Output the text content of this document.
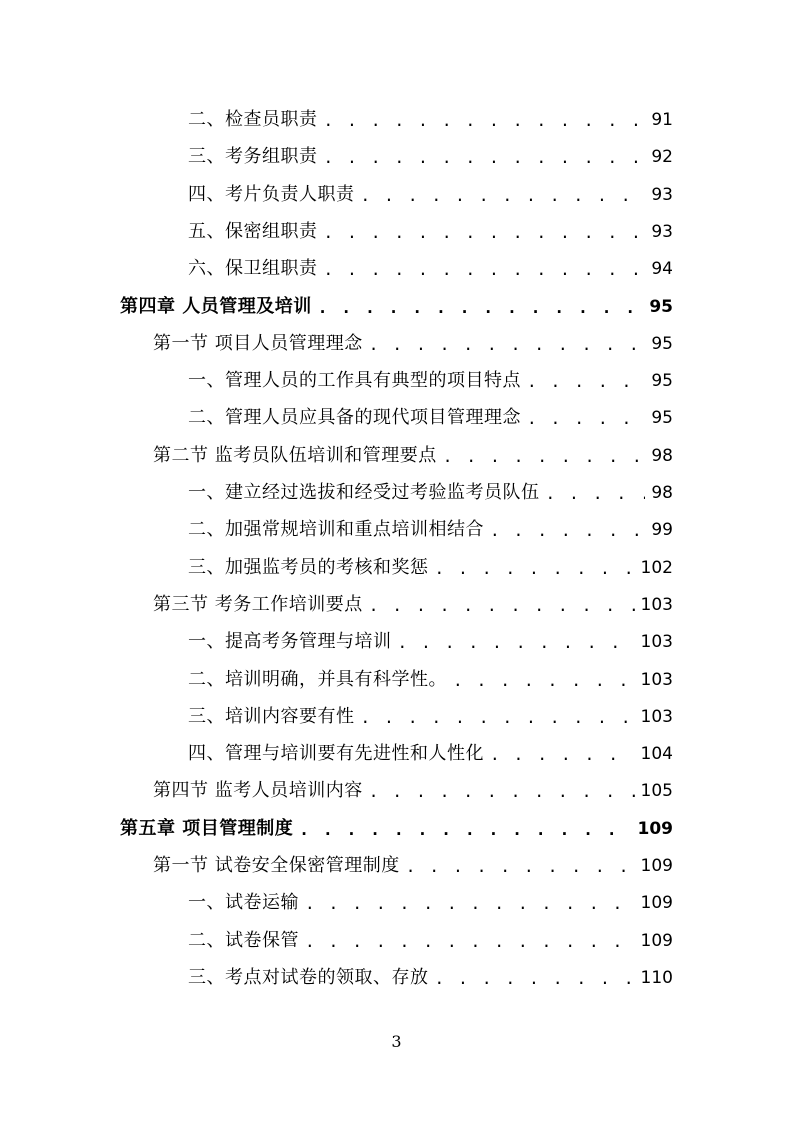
二、检查员职责 . . .	91
三、考务组职责 . . .	92
四、考片负责人职责 . . .	93
五、保密组职责 . . .	93
六、保卫组职责 . . .	94
第四章 人员管理及培训 . . .	95
第一节 项目人员管理理念 . . .	95
一、管理人员的工作具有典型的项目特点 . . .	95
二、管理人员应具备的现代项目管理理念 . . .	95
第二节 监考员队伍培训和管理要点 . . .	98
一、建立经过选拔和经受过考验监考员队伍 . . .	98
二、加强常规培训和重点培训相结合 . . .	99
三、加强监考员的考核和奖惩 . . .	102
第三节 考务工作培训要点 . . .	103
一、提高考务管理与培训 . . .	103
二、培训明确，并具有科学性。 . . .	103
三、培训内容要有性 . . .	103
四、管理与培训要有先进性和人性化 . . .	104
第四节 监考人员培训内容 . . .	105
第五章 项目管理制度 . . .	109
第一节 试卷安全保密管理制度 . . .	109
一、试卷运输 . . .	109
二、试卷保管 . . .	109
三、考点对试卷的领取、存放 . . .	110
3
